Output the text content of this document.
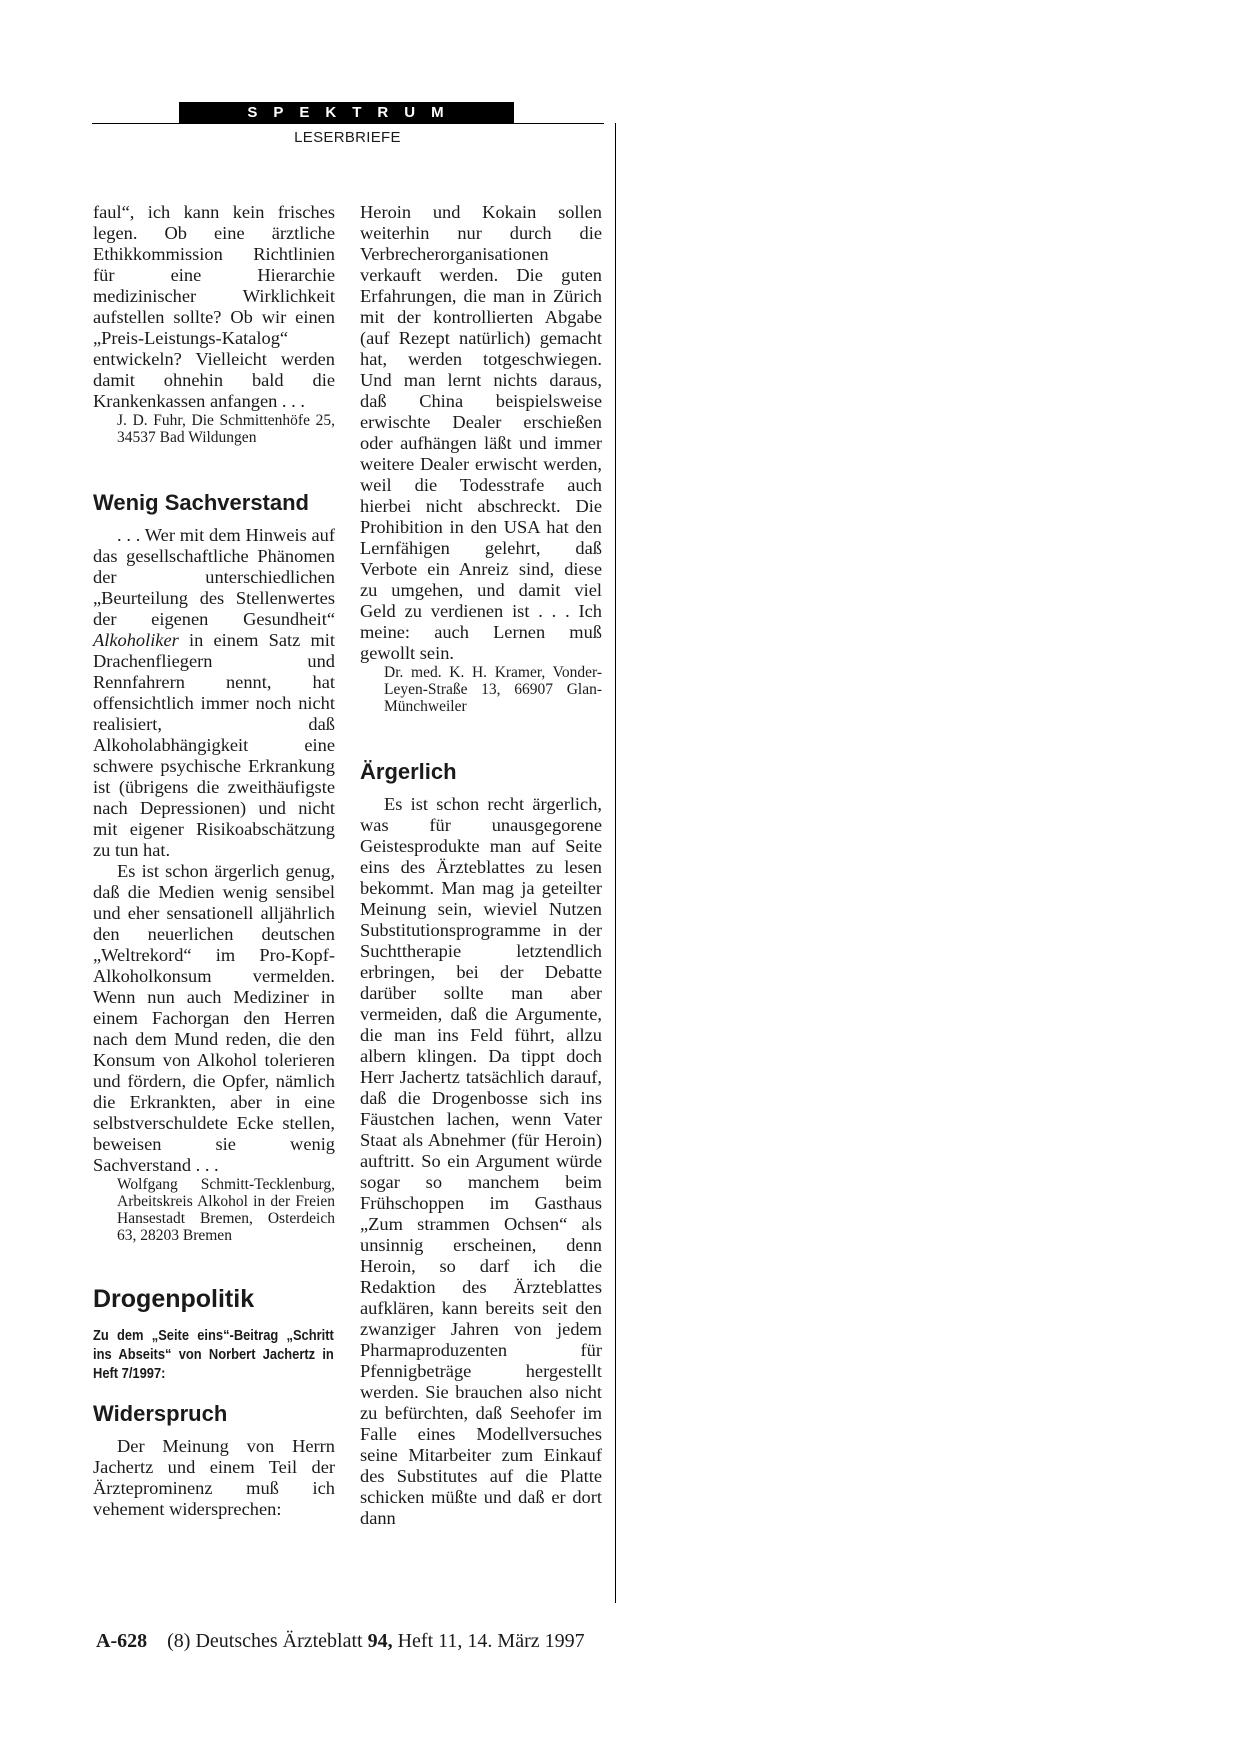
SPEKTRUM
LESERBRIEFE

faul“, ich kann kein frisches legen. Ob eine ärztliche Ethikkommission Richtlinien für eine Hierarchie medizinischer Wirklichkeit aufstellen sollte? Ob wir einen „Preis-Leistungs-Katalog“ entwickeln? Vielleicht werden damit ohnehin bald die Krankenkassen anfangen . . .

J. D. Fuhr, Die Schmittenhöfe 25, 34537 Bad Wildungen

Wenig Sachverstand

. . . Wer mit dem Hinweis auf das gesellschaftliche Phänomen der unterschiedlichen „Beurteilung des Stellenwertes der eigenen Gesundheit“ Alkoholiker in einem Satz mit Drachenfliegern und Rennfahrern nennt, hat offensichtlich immer noch nicht realisiert, daß Alkoholabhängigkeit eine schwere psychische Erkrankung ist (übrigens die zweithäufigste nach Depressionen) und nicht mit eigener Risikoabschätzung zu tun hat.

Es ist schon ärgerlich genug, daß die Medien wenig sensibel und eher sensationell alljährlich den neuerlichen deutschen „Weltrekord“ im Pro-Kopf-Alkoholkonsum vermelden. Wenn nun auch Mediziner in einem Fachorgan den Herren nach dem Mund reden, die den Konsum von Alkohol tolerieren und fördern, die Opfer, nämlich die Erkrankten, aber in eine selbstverschuldete Ecke stellen, beweisen sie wenig Sachverstand . . .

Wolfgang Schmitt-Tecklenburg, Arbeitskreis Alkohol in der Freien Hansestadt Bremen, Osterdeich 63, 28203 Bremen

Drogenpolitik

Zu dem „Seite eins“-Beitrag „Schritt ins Abseits“ von Norbert Jachertz in Heft 7/1997:

Widerspruch

Der Meinung von Herrn Jachertz und einem Teil der Ärzteprominenz muß ich vehement widersprechen:

Heroin und Kokain sollen weiterhin nur durch die Verbrecherorganisationen verkauft werden. Die guten Erfahrungen, die man in Zürich mit der kontrollierten Abgabe (auf Rezept natürlich) gemacht hat, werden totgeschwiegen. Und man lernt nichts daraus, daß China beispielsweise erwischte Dealer erschießen oder aufhängen läßt und immer weitere Dealer erwischt werden, weil die Todesstrafe auch hierbei nicht abschreckt. Die Prohibition in den USA hat den Lernfähigen gelehrt, daß Verbote ein Anreiz sind, diese zu umgehen, und damit viel Geld zu verdienen ist . . . Ich meine: auch Lernen muß gewollt sein.

Dr. med. K. H. Kramer, Vonder-Leyen-Straße 13, 66907 Glan-Münchweiler

Ärgerlich

Es ist schon recht ärgerlich, was für unausgegorene Geistesprodukte man auf Seite eins des Ärzteblattes zu lesen bekommt. Man mag ja geteilter Meinung sein, wieviel Nutzen Substitutionsprogramme in der Suchttherapie letztendlich erbringen, bei der Debatte darüber sollte man aber vermeiden, daß die Argumente, die man ins Feld führt, allzu albern klingen. Da tippt doch Herr Jachertz tatsächlich darauf, daß die Drogenbosse sich ins Fäustchen lachen, wenn Vater Staat als Abnehmer (für Heroin) auftritt. So ein Argument würde sogar so manchem beim Frühschoppen im Gasthaus „Zum strammen Ochsen“ als unsinnig erscheinen, denn Heroin, so darf ich die Redaktion des Ärzteblattes aufklären, kann bereits seit den zwanziger Jahren von jedem Pharmaproduzenten für Pfennigbeträge hergestellt werden. Sie brauchen also nicht zu befürchten, daß Seehofer im Falle eines Modellversuches seine Mitarbeiter zum Einkauf des Substitutes auf die Platte schicken müßte und daß er dort dann

A-628 (8) Deutsches Ärzteblatt 94, Heft 11, 14. März 1997
